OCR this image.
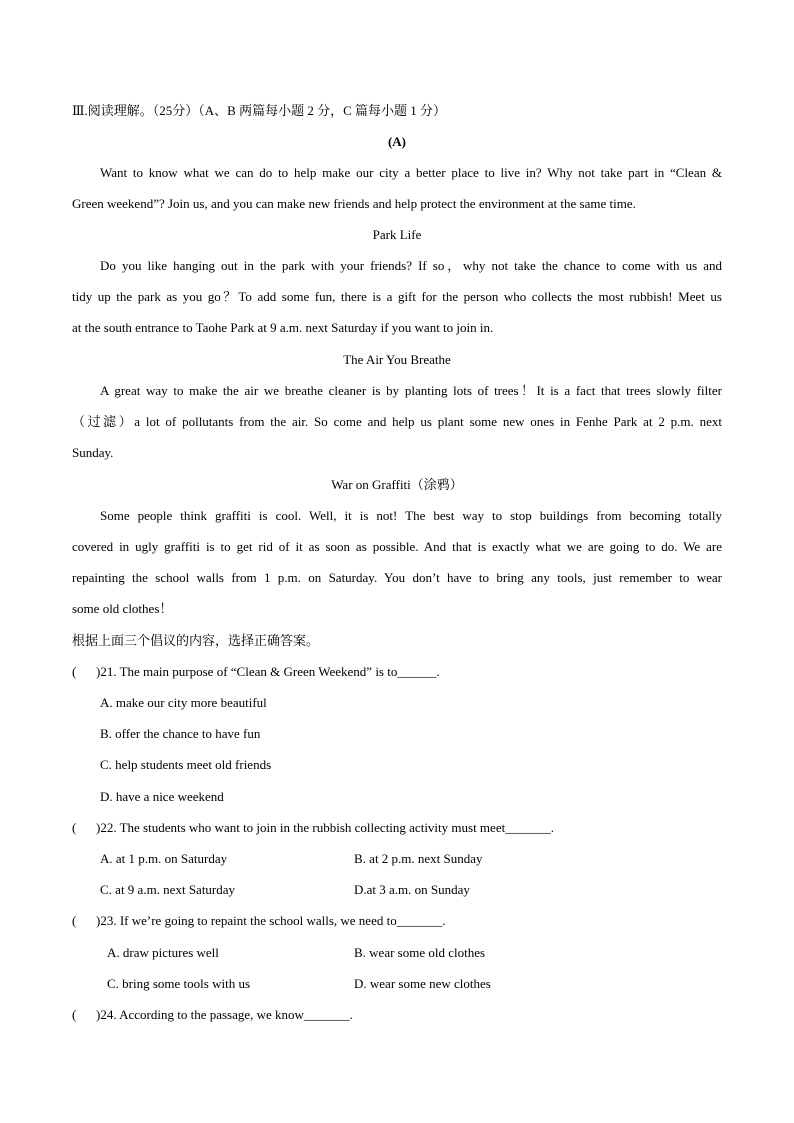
Ⅲ.阅读理解。（25分）（A、B 两篇每小题 2 分，C 篇每小题 1 分）
(A)
Want to know what we can do to help make our city a better place to live in? Why not take part in “Clean &
Green weekend”? Join us, and you can make new friends and help protect the environment at the same time.
Park Life
Do you like hanging out in the park with your friends? If so，why not take the chance to come with us and
tidy up the park as you go？To add some fun, there is a gift for the person who collects the most rubbish! Meet us
at the south entrance to Taohe Park at 9 a.m. next Saturday if you want to join in.
The Air You Breathe
A great way to make the air we breathe cleaner is by planting lots of trees！It is a fact that trees slowly filter
（过滤）a lot of pollutants from the air. So come and help us plant some new ones in Fenhe Park at 2 p.m. next
Sunday.
War on Graffiti（涂鸦）
Some people think graffiti is cool. Well, it is not! The best way to stop buildings from becoming totally
covered in ugly graffiti is to get rid of it as soon as possible. And that is exactly what we are going to do. We are
repainting the school walls from 1 p.m. on Saturday. You don’t have to bring any tools, just remember to wear
some old clothes！
根据上面三个倡议的内容，选择正确答案。
( )21. The main purpose of “Clean & Green Weekend” is to______.
A. make our city more beautiful
B. offer the chance to have fun
C. help students meet old friends
D. have a nice weekend
( )22. The students who want to join in the rubbish collecting activity must meet_______.
A. at 1 p.m. on Saturday	B. at 2 p.m. next Sunday
C. at 9 a.m. next Saturday	D.at 3 a.m. on Sunday
( )23. If we’re going to repaint the school walls, we need to_______.
A. draw pictures well	B. wear some old clothes
C. bring some tools with us	D. wear some new clothes
( )24. According to the passage, we know_______.
